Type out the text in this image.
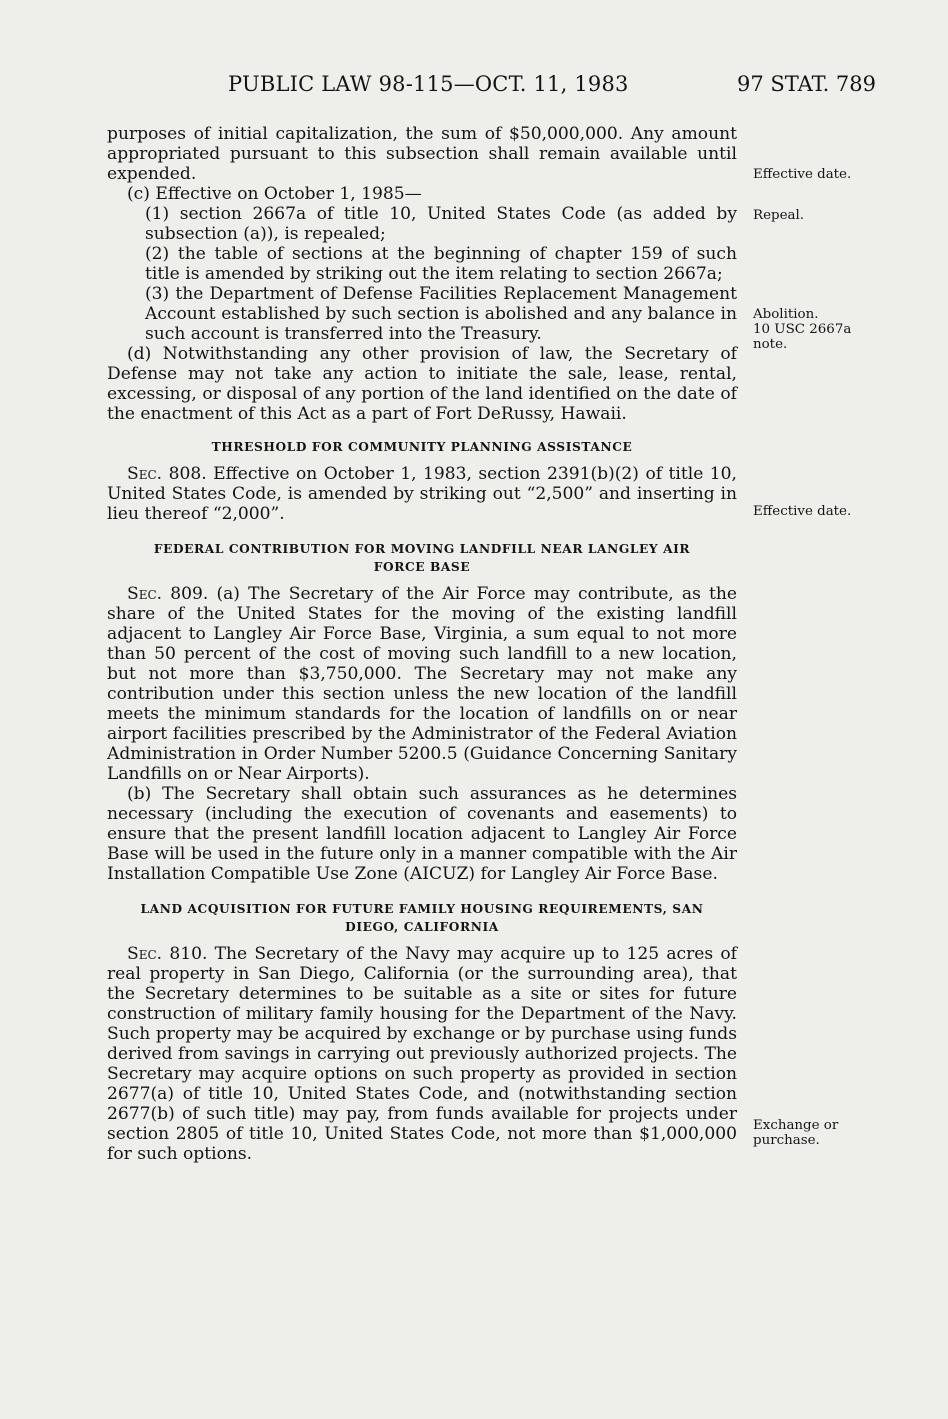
PUBLIC LAW 98-115—OCT. 11, 1983	97 STAT. 789

purposes of initial capitalization, the sum of $50,000,000. Any amount appropriated pursuant to this subsection shall remain available until expended.

(c) Effective on October 1, 1985—

(1) section 2667a of title 10, United States Code (as added by subsection (a)), is repealed;

(2) the table of sections at the beginning of chapter 159 of such title is amended by striking out the item relating to section 2667a;

(3) the Department of Defense Facilities Replacement Management Account established by such section is abolished and any balance in such account is transferred into the Treasury.

(d) Notwithstanding any other provision of law, the Secretary of Defense may not take any action to initiate the sale, lease, rental, excessing, or disposal of any portion of the land identified on the date of the enactment of this Act as a part of Fort DeRussy, Hawaii.

THRESHOLD FOR COMMUNITY PLANNING ASSISTANCE

Sec. 808. Effective on October 1, 1983, section 2391(b)(2) of title 10, United States Code, is amended by striking out “2,500” and inserting in lieu thereof “2,000”.

FEDERAL CONTRIBUTION FOR MOVING LANDFILL NEAR LANGLEY AIR

FORCE BASE

Sec. 809. (a) The Secretary of the Air Force may contribute, as the share of the United States for the moving of the existing landfill adjacent to Langley Air Force Base, Virginia, a sum equal to not more than 50 percent of the cost of moving such landfill to a new location, but not more than $3,750,000. The Secretary may not make any contribution under this section unless the new location of the landfill meets the minimum standards for the location of landfills on or near airport facilities prescribed by the Administrator of the Federal Aviation Administration in Order Number 5200.5 (Guidance Concerning Sanitary Landfills on or Near Airports).

(b) The Secretary shall obtain such assurances as he determines necessary (including the execution of covenants and easements) to ensure that the present landfill location adjacent to Langley Air Force Base will be used in the future only in a manner compatible with the Air Installation Compatible Use Zone (AICUZ) for Langley Air Force Base.

LAND ACQUISITION FOR FUTURE FAMILY HOUSING REQUIREMENTS, SAN

DIEGO, CALIFORNIA

Sec. 810. The Secretary of the Navy may acquire up to 125 acres of real property in San Diego, California (or the surrounding area), that the Secretary determines to be suitable as a site or sites for future construction of military family housing for the Department of the Navy. Such property may be acquired by exchange or by purchase using funds derived from savings in carrying out previously authorized projects. The Secretary may acquire options on such property as provided in section 2677(a) of title 10, United States Code, and (notwithstanding section 2677(b) of such title) may pay, from funds available for projects under section 2805 of title 10, United States Code, not more than $1,000,000 for such options.

Effective date.
Repeal.
Abolition.
10 USC 2667a
note.
Effective date.
Exchange or
purchase.
